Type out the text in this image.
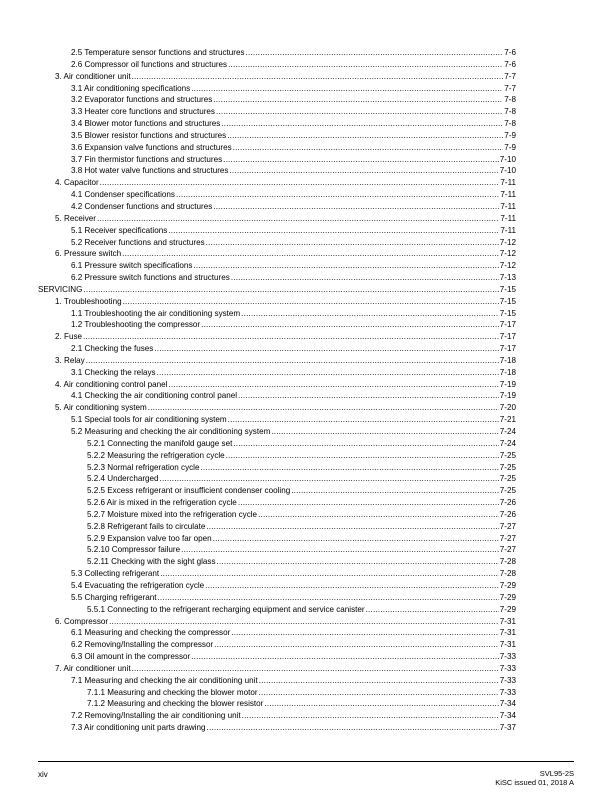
2.5 Temperature sensor functions and structures .....	7-6
2.6 Compressor oil functions and structures .....	7-6
3. Air conditioner unit .....	7-7
3.1 Air conditioning specifications .....	7-7
3.2 Evaporator functions and structures .....	7-8
3.3 Heater core functions and structures .....	7-8
3.4 Blower motor functions and structures .....	7-8
3.5 Blower resistor functions and structures .....	7-9
3.6 Expansion valve functions and structures .....	7-9
3.7 Fin thermistor functions and structures .....	7-10
3.8 Hot water valve functions and structures .....	7-10
4. Capacitor .....	7-11
4.1 Condenser specifications .....	7-11
4.2 Condenser functions and structures .....	7-11
5. Receiver .....	7-11
5.1 Receiver specifications .....	7-11
5.2 Receiver functions and structures .....	7-12
6. Pressure switch .....	7-12
6.1 Pressure switch specifications .....	7-12
6.2 Pressure switch functions and structures .....	7-13
SERVICING .....	7-15
1. Troubleshooting .....	7-15
1.1 Troubleshooting the air conditioning system .....	7-15
1.2 Troubleshooting the compressor .....	7-17
2. Fuse .....	7-17
2.1 Checking the fuses .....	7-17
3. Relay .....	7-18
3.1 Checking the relays .....	7-18
4. Air conditioning control panel .....	7-19
4.1 Checking the air conditioning control panel .....	7-19
5. Air conditioning system .....	7-20
5.1 Special tools for air conditioning system .....	7-21
5.2 Measuring and checking the air conditioning system .....	7-24
5.2.1 Connecting the manifold gauge set .....	7-24
5.2.2 Measuring the refrigeration cycle .....	7-25
5.2.3 Normal refrigeration cycle .....	7-25
5.2.4 Undercharged .....	7-25
5.2.5 Excess refrigerant or insufficient condenser cooling .....	7-25
5.2.6 Air is mixed in the refrigeration cycle .....	7-26
5.2.7 Moisture mixed into the refrigeration cycle .....	7-26
5.2.8 Refrigerant fails to circulate .....	7-27
5.2.9 Expansion valve too far open .....	7-27
5.2.10 Compressor failure .....	7-27
5.2.11 Checking with the sight glass .....	7-28
5.3 Collecting refrigerant .....	7-28
5.4 Evacuating the refrigeration cycle .....	7-29
5.5 Charging refrigerant .....	7-29
5.5.1 Connecting to the refrigerant recharging equipment and service canister .....	7-29
6. Compressor .....	7-31
6.1 Measuring and checking the compressor .....	7-31
6.2 Removing/Installing the compressor .....	7-31
6.3 Oil amount in the compressor .....	7-33
7. Air conditioner unit .....	7-33
7.1 Measuring and checking the air conditioning unit .....	7-33
7.1.1 Measuring and checking the blower motor .....	7-33
7.1.2 Measuring and checking the blower resistor .....	7-34
7.2 Removing/Installing the air conditioning unit .....	7-34
7.3 Air conditioning unit parts drawing .....	7-37
xiv	SVL95-2S
KiSC issued 01, 2018 A
